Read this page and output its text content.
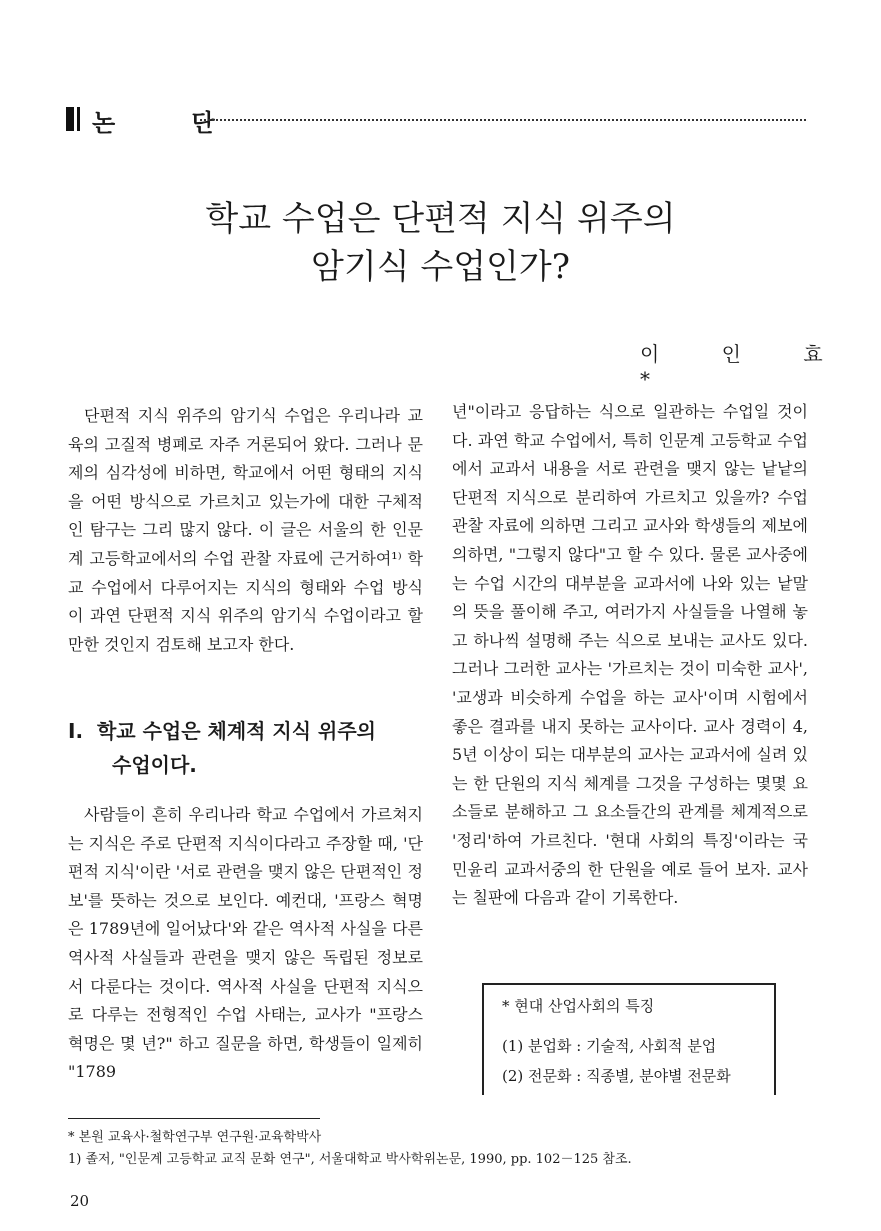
논 단
학교 수업은 단편적 지식 위주의
암기식 수업인가?
이 인 효*

단편적 지식 위주의 암기식 수업은 우리나라 교육의 고질적 병폐로 자주 거론되어 왔다. 그러나 문제의 심각성에 비하면, 학교에서 어떤 형태의 지식을 어떤 방식으로 가르치고 있는가에 대한 구체적인 탐구는 그리 많지 않다. 이 글은 서울의 한 인문계 고등학교에서의 수업 관찰 자료에 근거하여¹⁾ 학교 수업에서 다루어지는 지식의 형태와 수업 방식이 과연 단편적 지식 위주의 암기식 수업이라고 할 만한 것인지 검토해 보고자 한다.

I. 학교 수업은 체계적 지식 위주의
수업이다.

사람들이 흔히 우리나라 학교 수업에서 가르쳐지는 지식은 주로 단편적 지식이다라고 주장할 때, '단편적 지식'이란 '서로 관련을 맺지 않은 단편적인 정보'를 뜻하는 것으로 보인다. 예컨대, '프랑스 혁명은 1789년에 일어났다'와 같은 역사적 사실을 다른 역사적 사실들과 관련을 맺지 않은 독립된 정보로서 다룬다는 것이다. 역사적 사실을 단편적 지식으로 다루는 전형적인 수업 사태는, 교사가 "프랑스 혁명은 몇 년?" 하고 질문을 하면, 학생들이 일제히 "1789

년"이라고 응답하는 식으로 일관하는 수업일 것이다. 과연 학교 수업에서, 특히 인문계 고등학교 수업에서 교과서 내용을 서로 관련을 맺지 않는 낱낱의 단편적 지식으로 분리하여 가르치고 있을까? 수업 관찰 자료에 의하면 그리고 교사와 학생들의 제보에 의하면, "그렇지 않다"고 할 수 있다. 물론 교사중에는 수업 시간의 대부분을 교과서에 나와 있는 낱말의 뜻을 풀이해 주고, 여러가지 사실들을 나열해 놓고 하나씩 설명해 주는 식으로 보내는 교사도 있다. 그러나 그러한 교사는 '가르치는 것이 미숙한 교사', '교생과 비슷하게 수업을 하는 교사'이며 시험에서 좋은 결과를 내지 못하는 교사이다. 교사 경력이 4, 5년 이상이 되는 대부분의 교사는 교과서에 실려 있는 한 단원의 지식 체계를 그것을 구성하는 몇몇 요소들로 분해하고 그 요소들간의 관계를 체계적으로 '정리'하여 가르친다. '현대 사회의 특징'이라는 국민윤리 교과서중의 한 단원을 예로 들어 보자. 교사는 칠판에 다음과 같이 기록한다.

* 현대 산업사회의 특징
(1) 분업화 : 기술적, 사회적 분업
(2) 전문화 : 직종별, 분야별 전문화
* 본원 교육사·철학연구부 연구원·교육학박사
1) 졸저, "인문계 고등학교 교직 문화 연구", 서울대학교 박사학위논문, 1990, pp. 102－125 참조.
20
